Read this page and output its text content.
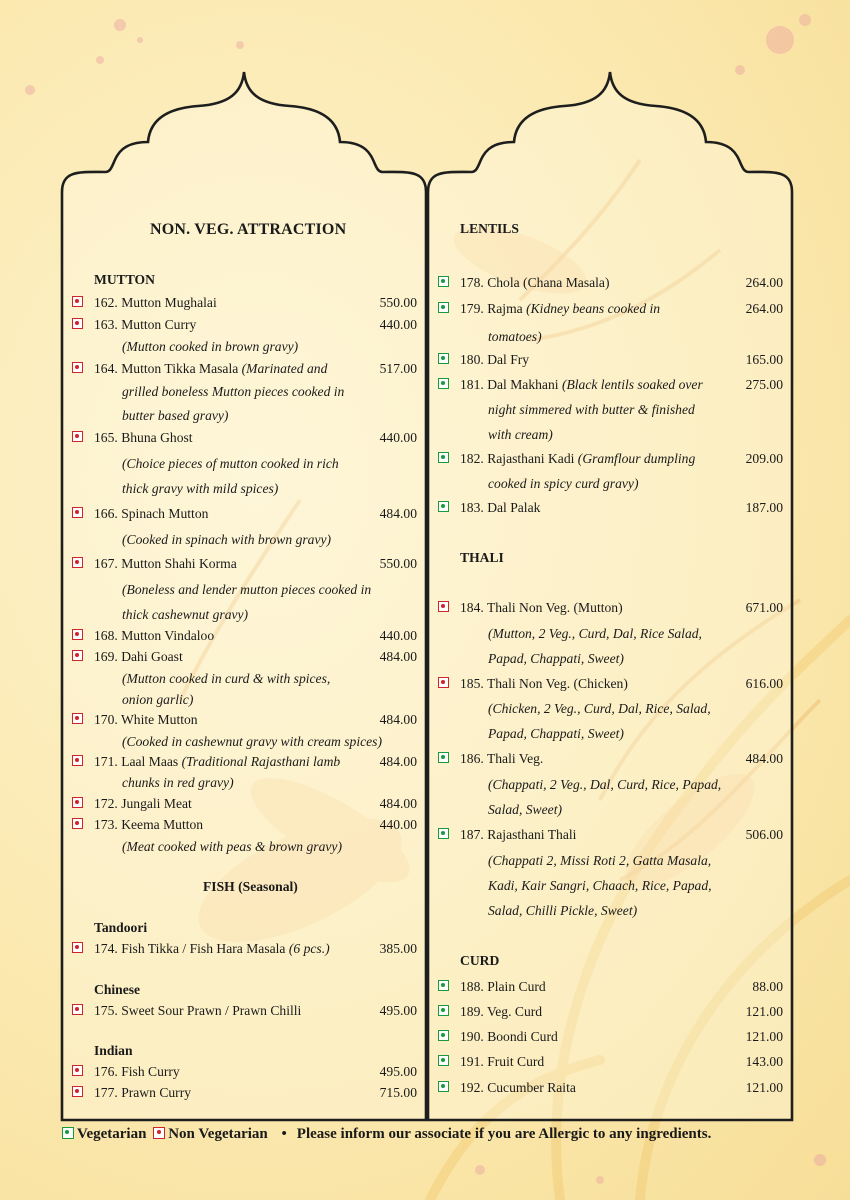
NON. VEG. ATTRACTION
MUTTON
162. Mutton Mughalai	550.00
163. Mutton Curry	440.00
(Mutton cooked in brown gravy)
164. Mutton Tikka Masala (Marinated and	517.00
grilled boneless Mutton pieces cooked in
butter based gravy)
165. Bhuna Ghost	440.00
(Choice pieces of mutton cooked in rich
thick gravy with mild spices)
166. Spinach Mutton	484.00
(Cooked in spinach with brown gravy)
167. Mutton Shahi Korma	550.00
(Boneless and lender mutton pieces cooked in
thick cashewnut gravy)
168. Mutton Vindaloo	440.00
169. Dahi Goast	484.00
(Mutton cooked in curd & with spices,
onion garlic)
170. White Mutton	484.00
(Cooked in cashewnut gravy with cream spices)
171. Laal Maas (Traditional Rajasthani lamb	484.00
chunks in red gravy)
172. Jungali Meat	484.00
173. Keema Mutton	440.00
(Meat cooked with peas & brown gravy)
FISH (Seasonal)
Tandoori
174. Fish Tikka / Fish Hara Masala (6 pcs.)	385.00
Chinese
175. Sweet Sour Prawn / Prawn Chilli	495.00
Indian
176. Fish Curry	495.00
177. Prawn Curry	715.00
LENTILS
178. Chola (Chana Masala)	264.00
179. Rajma (Kidney beans cooked in	264.00
tomatoes)
180. Dal Fry	165.00
181. Dal Makhani (Black lentils soaked over	275.00
night simmered with butter & finished
with cream)
182. Rajasthani Kadi (Gramflour dumpling	209.00
cooked in spicy curd gravy)
183. Dal Palak	187.00
THALI
184. Thali Non Veg. (Mutton)	671.00
(Mutton, 2 Veg., Curd, Dal, Rice Salad,
Papad, Chappati, Sweet)
185. Thali Non Veg. (Chicken)	616.00
(Chicken, 2 Veg., Curd, Dal, Rice, Salad,
Papad, Chappati, Sweet)
186. Thali Veg.	484.00
(Chappati, 2 Veg., Dal, Curd, Rice, Papad,
Salad, Sweet)
187. Rajasthani Thali	506.00
(Chappati 2, Missi Roti 2, Gatta Masala,
Kadi, Kair Sangri, Chaach, Rice, Papad,
Salad, Chilli Pickle, Sweet)
CURD
188. Plain Curd	88.00
189. Veg. Curd	121.00
190. Boondi Curd	121.00
191. Fruit Curd	143.00
192. Cucumber Raita	121.00
Vegetarian Non Vegetarian • Please inform our associate if you are Allergic to any ingredients.
